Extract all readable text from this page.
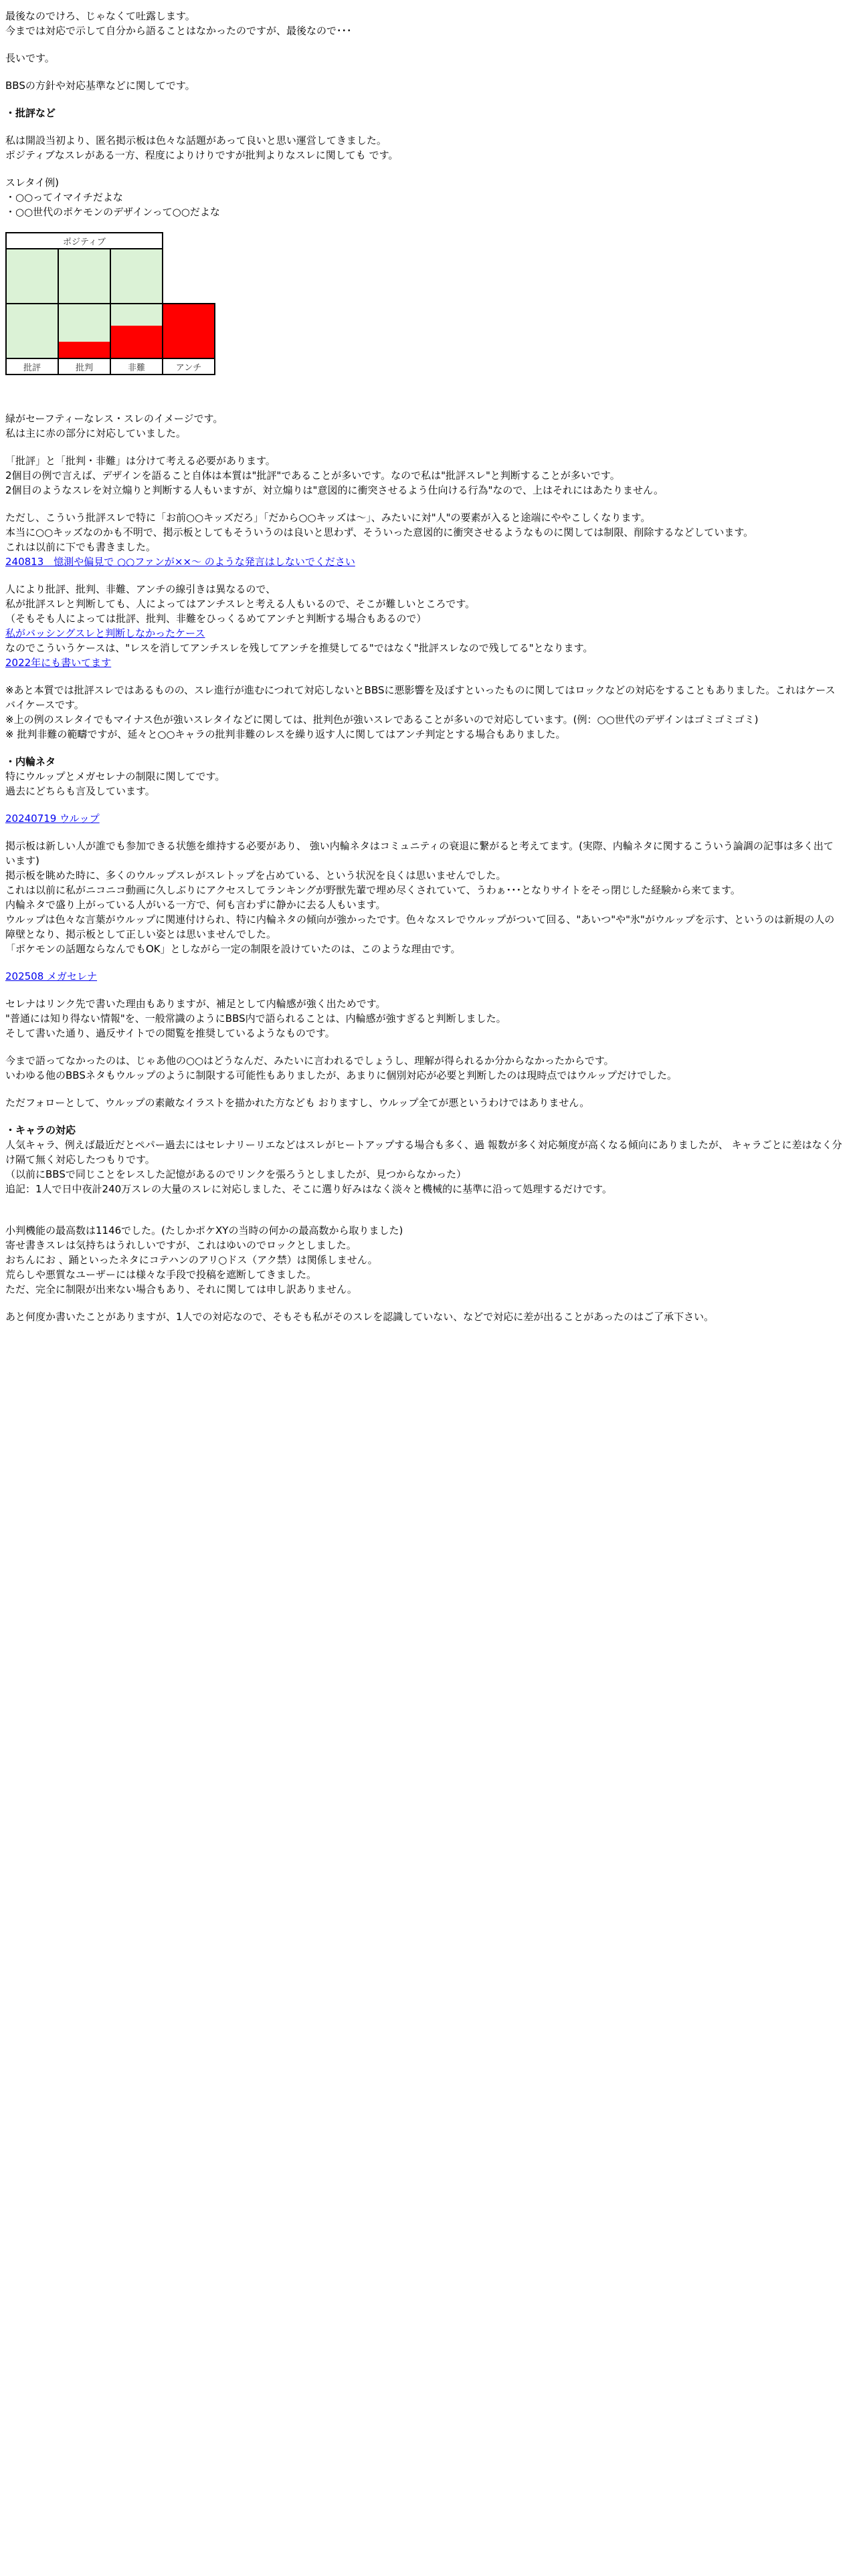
最後なのでけろ、じゃなくて吐露します。
今までは対応で示して自分から語ることはなかったのですが、最後なので･･･

長いです。

BBSの方針や対応基準などに関してです。

・批評など

私は開設当初より、匿名掲示板は色々な話題があって良いと思い運営してきました。
ポジティブなスレがある一方、程度によりけりですが批判よりなスレに関しても です。

スレタイ例)
・○○ってイマイチだよな
・○○世代のポケモンのデザインって○○だよな

ポジティブ			

批評	批判	非難	アンチ

緑がセーフティーなレス・スレのイメージです。
私は主に赤の部分に対応していました。

「批評」と「批判・非難」は分けて考える必要があります。
2個目の例で言えば、デザインを語ること自体は本質は"批評"であることが多いです。なので私は"批評スレ"と判断することが多いです。
2個目のようなスレを対立煽りと判断する人もいますが、対立煽りは"意図的に衝突させるよう仕向ける行為"なので、上はそれにはあたりません。

ただし、こういう批評スレで特に「お前○○キッズだろ」「だから○○キッズは～」、みたいに対"人"の要素が入ると途端にややこしくなります。
本当に○○キッズなのかも不明で、掲示板としてもそういうのは良いと思わず、そういった意図的に衝突させるようなものに関しては制限、削除するなどしています。
これは以前に下でも書きました。
240813　憶測や偏見で ○○ファンが××～ のような発言はしないでください

人により批評、批判、非難、アンチの線引きは異なるので、
私が批評スレと判断しても、人によってはアンチスレと考える人もいるので、そこが難しいところです。
（そもそも人によっては批評、批判、非難をひっくるめてアンチと判断する場合もあるので）
私がバッシングスレと判断しなかったケース
なのでこういうケースは、"レスを消してアンチスレを残してアンチを推奨してる"ではなく"批評スレなので残してる"となります。
2022年にも書いてます

※あと本質では批評スレではあるものの、スレ進行が進むにつれて対応しないとBBSに悪影響を及ぼすといったものに関してはロックなどの対応をすることもありました。これはケースバイケースです。
※上の例のスレタイでもマイナス色が強いスレタイなどに関しては、批判色が強いスレであることが多いので対応しています。(例：○○世代のデザインはゴミゴミゴミ)
※ 批判非難の範疇ですが、延々と○○キャラの批判非難のレスを繰り返す人に関してはアンチ判定とする場合もありました。

・内輪ネタ

特にウルップとメガセレナの制限に関してです。
過去にどちらも言及しています。

20240719 ウルップ

掲示板は新しい人が誰でも参加できる状態を維持する必要があり、 強い内輪ネタはコミュニティの衰退に繋がると考えてます。(実際、内輪ネタに関するこういう論調の記事は多く出ています)
掲示板を眺めた時に、多くのウルップスレがスレトップを占めている、という状況を良くは思いませんでした。
これは以前に私がニコニコ動画に久しぶりにアクセスしてランキングが野獣先輩で埋め尽くされていて、うわぁ･･･となりサイトをそっ閉じした経験から来てます。
内輪ネタで盛り上がっている人がいる一方で、何も言わずに静かに去る人もいます。
ウルップは色々な言葉がウルップに関連付けられ、特に内輪ネタの傾向が強かったです。色々なスレでウルップがついて回る、"あいつ"や"氷"がウルップを示す、というのは新規の人の障壁となり、掲示板として正しい姿とは思いませんでした。
「ポケモンの話題ならなんでもOK」としながら一定の制限を設けていたのは、このような理由です。

202508 メガセレナ

セレナはリンク先で書いた理由もありますが、補足として内輪感が強く出ためです。
"普通には知り得ない情報"を、一般常識のようにBBS内で語られることは、内輪感が強すぎると判断しました。
そして書いた通り、過反サイトでの閲覧を推奨しているようなものです。

今まで語ってなかったのは、じゃあ他の○○はどうなんだ、みたいに言われるでしょうし、理解が得られるか分からなかったからです。
いわゆる他のBBSネタもウルップのように制限する可能性もありましたが、あまりに個別対応が必要と判断したのは現時点ではウルップだけでした。

ただフォローとして、ウルップの素敵なイラストを描かれた方なども おりますし、ウルップ全てが悪というわけではありません。

・キャラの対応

人気キャラ、例えば最近だとペパー過去にはセレナリーリエなどはスレがヒートアップする場合も多く、過 報数が多く対応頻度が高くなる傾向にありましたが、 キャラごとに差はなく分け隔て無く対応したつもりです。
（以前にBBSで同じことをレスした記憶があるのでリンクを張ろうとしましたが、見つからなかった）
追記：1人で日中夜計240万スレの大量のスレに対応しました、そこに選り好みはなく淡々と機械的に基準に沿って処理するだけです。

小判機能の最高数は1146でした。(たしかポケXYの当時の何かの最高数から取りました)
寄せ書きスレは気持ちはうれしいですが、これはゆいのでロックとしました。
おちんにお 、踊といったネタにコテハンのアリ○ドス（アク禁）は関係しません。
荒らしや悪質なユーザーには様々な手段で投稿を遮断してきました。
ただ、完全に制限が出来ない場合もあり、それに関しては申し訳ありません。

あと何度か書いたことがありますが、1人での対応なので、そもそも私がそのスレを認識していない、などで対応に差が出ることがあったのはご了承下さい。
